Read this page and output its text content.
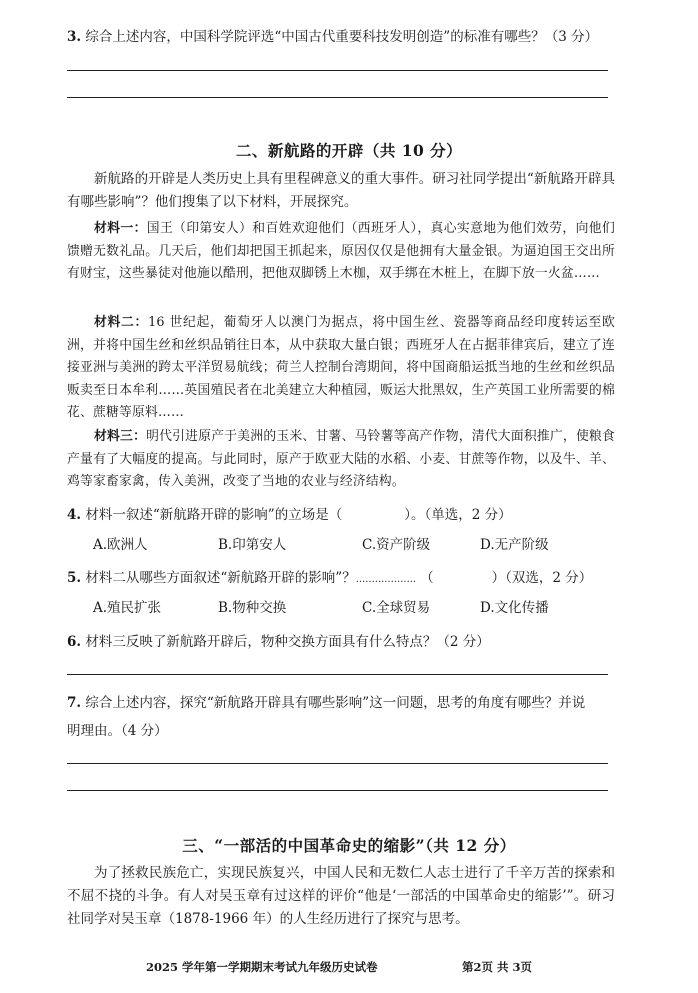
3. 综合上述内容，中国科学院评选“中国古代重要科技发明创造”的标准有哪些？（3 分）
二、新航路的开辟（共 10 分）
新航路的开辟是人类历史上具有里程碑意义的重大事件。研习社同学提出“新航路开辟具有哪些影响”？他们搜集了以下材料，开展探究。
材料一：国王（印第安人）和百姓欢迎他们（西班牙人），真心实意地为他们效劳，向他们馈赠无数礼品。几天后，他们却把国王抓起来，原因仅仅是他拥有大量金银。为逼迫国王交出所有财宝，这些暴徒对他施以酷刑，把他双脚锈上木枷，双手绑在木桩上，在脚下放一火盆……
材料二：16 世纪起，葡萄牙人以澳门为据点，将中国生丝、瓷器等商品经印度转运至欧洲，并将中国生丝和丝织品销往日本，从中获取大量白银；西班牙人在占据菲律宾后，建立了连接亚洲与美洲的跨太平洋贸易航线；荷兰人控制台湾期间，将中国商船运抵当地的生丝和丝织品贩卖至日本牟利……英国殖民者在北美建立大种植园，贩运大批黑奴，生产英国工业所需要的棉花、蔗糖等原料……
材料三：明代引进原产于美洲的玉米、甘薯、马铃薯等高产作物，清代大面积推广，使粮食产量有了大幅度的提高。与此同时，原产于欧亚大陆的水稻、小麦、甘蔗等作物，以及牛、羊、鸡等家畜家禽，传入美洲，改变了当地的农业与经济结构。
4. 材料一叙述“新航路开辟的影响”的立场是（	）。（单选，2 分）
A.欧洲人	B.印第安人	C.资产阶级	D.无产阶级
5. 材料二从哪些方面叙述“新航路开辟的影响”？................... （	）（双选，2 分）
A.殖民扩张	B.物种交换	C.全球贸易	D.文化传播
6. 材料三反映了新航路开辟后，物种交换方面具有什么特点？（2 分）
7. 综合上述内容，探究“新航路开辟具有哪些影响”这一问题，思考的角度有哪些？并说
明理由。（4 分）
三、“一部活的中国革命史的缩影”（共 12 分）
为了拯救民族危亡，实现民族复兴，中国人民和无数仁人志士进行了千辛万苦的探索和不屈不挠的斗争。有人对吴玉章有过这样的评价“他是‘一部活的中国革命史的缩影’”。研习社同学对吴玉章（1878-1966 年）的人生经历进行了探究与思考。
2025 学年第一学期期末考试九年级历史试卷	第2页 共 3页
